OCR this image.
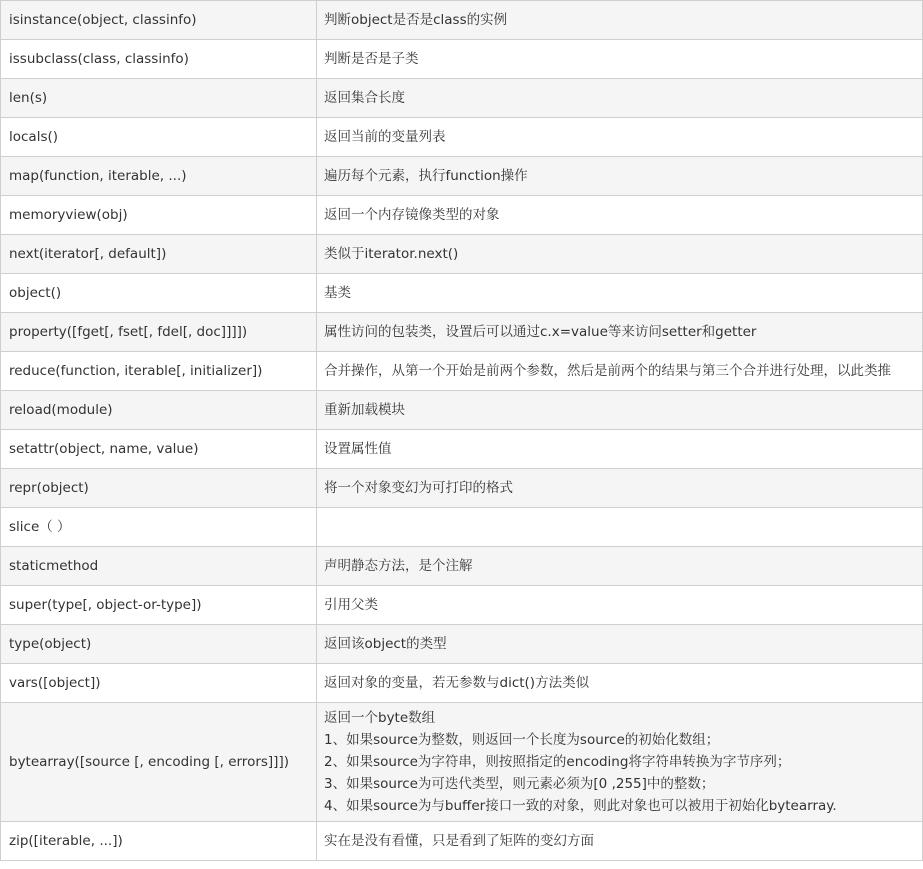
isinstance(object, classinfo)	判断object是否是class的实例

issubclass(class, classinfo)	判断是否是子类

len(s)	返回集合长度

locals()	返回当前的变量列表

map(function, iterable, ...)	遍历每个元素，执行function操作

memoryview(obj)	返回一个内存镜像类型的对象

next(iterator[, default])	类似于iterator.next()

object()	基类

property([fget[, fset[, fdel[, doc]]]])	属性访问的包装类，设置后可以通过c.x=value等来访问setter和getter

reduce(function, iterable[, initializer])	合并操作，从第一个开始是前两个参数，然后是前两个的结果与第三个合并进行处理，以此类推

reload(module)	重新加载模块

setattr(object, name, value)	设置属性值

repr(object)	将一个对象变幻为可打印的格式

slice（ ）	

staticmethod	声明静态方法，是个注解

super(type[, object-or-type])	引用父类

type(object)	返回该object的类型

vars([object])	返回对象的变量，若无参数与dict()方法类似

bytearray([source [, encoding [, errors]]])	返回一个byte数组
1、如果source为整数，则返回一个长度为source的初始化数组；
2、如果source为字符串，则按照指定的encoding将字符串转换为字节序列；
3、如果source为可迭代类型，则元素必须为[0 ,255]中的整数；
4、如果source为与buffer接口一致的对象，则此对象也可以被用于初始化bytearray.

zip([iterable, ...])	实在是没有看懂，只是看到了矩阵的变幻方面
